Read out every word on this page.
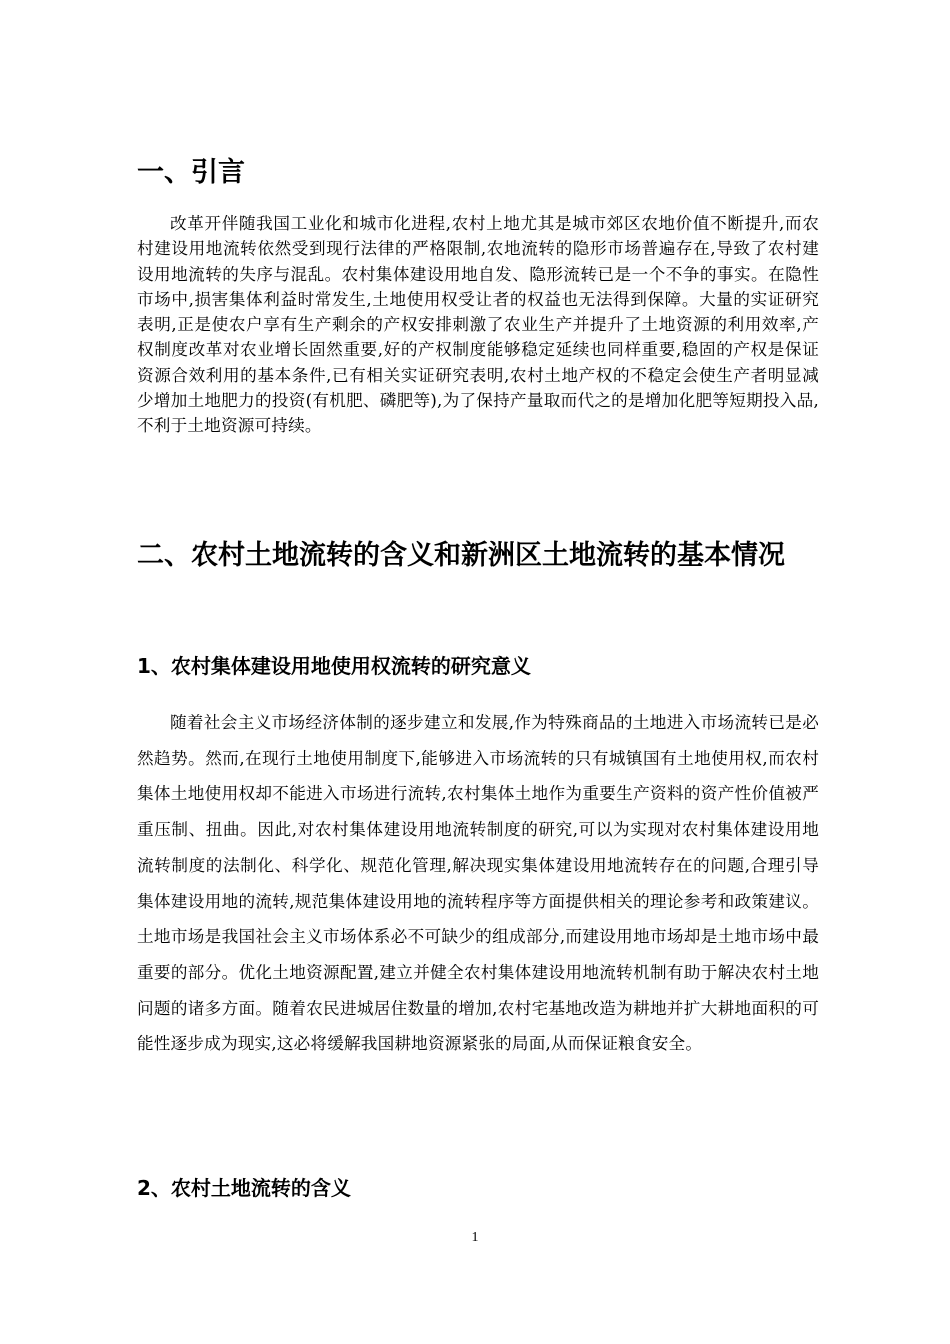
一、引言

改革开伴随我国工业化和城市化进程,农村上地尤其是城市郊区农地价值不断提升,而农村建设用地流转依然受到现行法律的严格限制,农地流转的隐形市场普遍存在,导致了农村建设用地流转的失序与混乱。农村集体建设用地自发、隐形流转已是一个不争的事实。在隐性市场中,损害集体利益时常发生,土地使用权受让者的权益也无法得到保障。大量的实证研究表明,正是使农户享有生产剩余的产权安排刺激了农业生产并提升了土地资源的利用效率,产权制度改革对农业增长固然重要,好的产权制度能够稳定延续也同样重要,稳固的产权是保证资源合效利用的基本条件,已有相关实证研究表明,农村土地产权的不稳定会使生产者明显减少增加土地肥力的投资(有机肥、磷肥等),为了保持产量取而代之的是增加化肥等短期投入品,不利于土地资源可持续。

二、农村土地流转的含义和新洲区土地流转的基本情况
1、农村集体建设用地使用权流转的研究意义

随着社会主义市场经济体制的逐步建立和发展,作为特殊商品的土地进入市场流转已是必然趋势。然而,在现行土地使用制度下,能够进入市场流转的只有城镇国有土地使用权,而农村集体土地使用权却不能进入市场进行流转,农村集体土地作为重要生产资料的资产性价值被严重压制、扭曲。因此,对农村集体建设用地流转制度的研究,可以为实现对农村集体建设用地流转制度的法制化、科学化、规范化管理,解决现实集体建设用地流转存在的问题,合理引导集体建设用地的流转,规范集体建设用地的流转程序等方面提供相关的理论参考和政策建议。土地市场是我国社会主义市场体系必不可缺少的组成部分,而建设用地市场却是土地市场中最重要的部分。优化土地资源配置,建立并健全农村集体建设用地流转机制有助于解决农村土地问题的诸多方面。随着农民进城居住数量的增加,农村宅基地改造为耕地并扩大耕地面积的可能性逐步成为现实,这必将缓解我国耕地资源紧张的局面,从而保证粮食安全。

2、农村土地流转的含义
1
